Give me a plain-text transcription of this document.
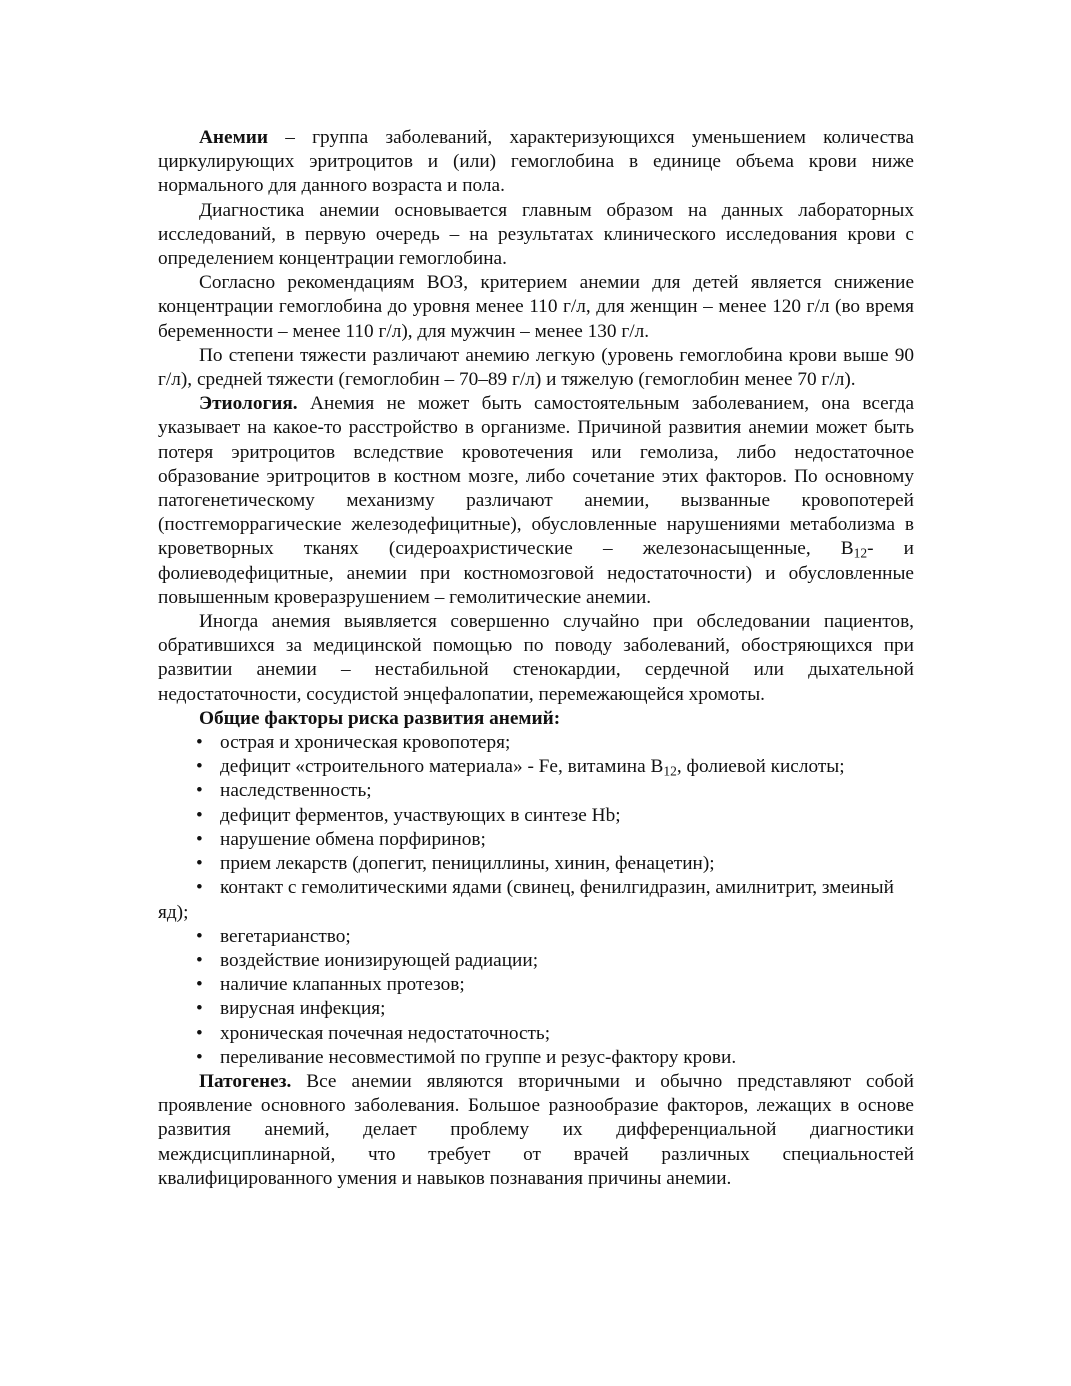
Анемии – группа заболеваний, характеризующихся уменьшением количества циркулирующих эритроцитов и (или) гемоглобина в единице объема крови ниже нормального для данного возраста и пола.

Диагностика анемии основывается главным образом на данных лабораторных исследований, в первую очередь – на результатах клинического исследования крови с определением концентрации гемоглобина.

Согласно рекомендациям ВОЗ, критерием анемии для детей является снижение концентрации гемоглобина до уровня менее 110 г/л, для женщин – менее 120 г/л (во время беременности – менее 110 г/л), для мужчин – менее 130 г/л.

По степени тяжести различают анемию легкую (уровень гемоглобина крови выше 90 г/л), средней тяжести (гемоглобин – 70–89 г/л) и тяжелую (гемоглобин менее 70 г/л).

Этиология. Анемия не может быть самостоятельным заболеванием, она всегда указывает на какое-то расстройство в организме. Причиной развития анемии может быть потеря эритроцитов вследствие кровотечения или гемолиза, либо недостаточное образование эритроцитов в костном мозге, либо сочетание этих факторов. По основному патогенетическому механизму различают анемии, вызванные кровопотерей (постгеморрагические железодефицитные), обусловленные нарушениями метаболизма в кроветворных тканях (сидероахристические – железонасыщенные, $B_{12}-$ и фолиеводефицитные, анемии при костномозговой недостаточности) и обусловленные повышенным кроверазрушением – гемолитические анемии.

Иногда анемия выявляется совершенно случайно при обследовании пациентов, обратившихся за медицинской помощью по поводу заболеваний, обостряющихся при развитии анемии – нестабильной стенокардии, сердечной или дыхательной недостаточности, сосудистой энцефалопатии, перемежающейся хромоты.

Общие факторы риска развития анемий:

• острая и хроническая кровопотеря;
• дефицит «строительного материала» - Fe, витамина $B_{12}$, фолиевой кислоты;
• наследственность;
• дефицит ферментов, участвующих в синтезе Hb;
• нарушение обмена порфиринов;
• прием лекарств (допегит, пенициллины, хинин, фенацетин);
• контакт с гемолитическими ядами (свинец, фенилгидразин, амилнитрит, змеиный яд);
• вегетарианство;
• воздействие ионизирующей радиации;
• наличие клапанных протезов;
• вирусная инфекция;
• хроническая почечная недостаточность;
• переливание несовместимой по группе и резус-фактору крови.

Патогенез. Все анемии являются вторичными и обычно представляют собой проявление основного заболевания. Большое разнообразие факторов, лежащих в основе развития анемий, делает проблему их дифференциальной диагностики междисциплинарной, что требует от врачей различных специальностей квалифицированного умения и навыков познавания причины анемии.
